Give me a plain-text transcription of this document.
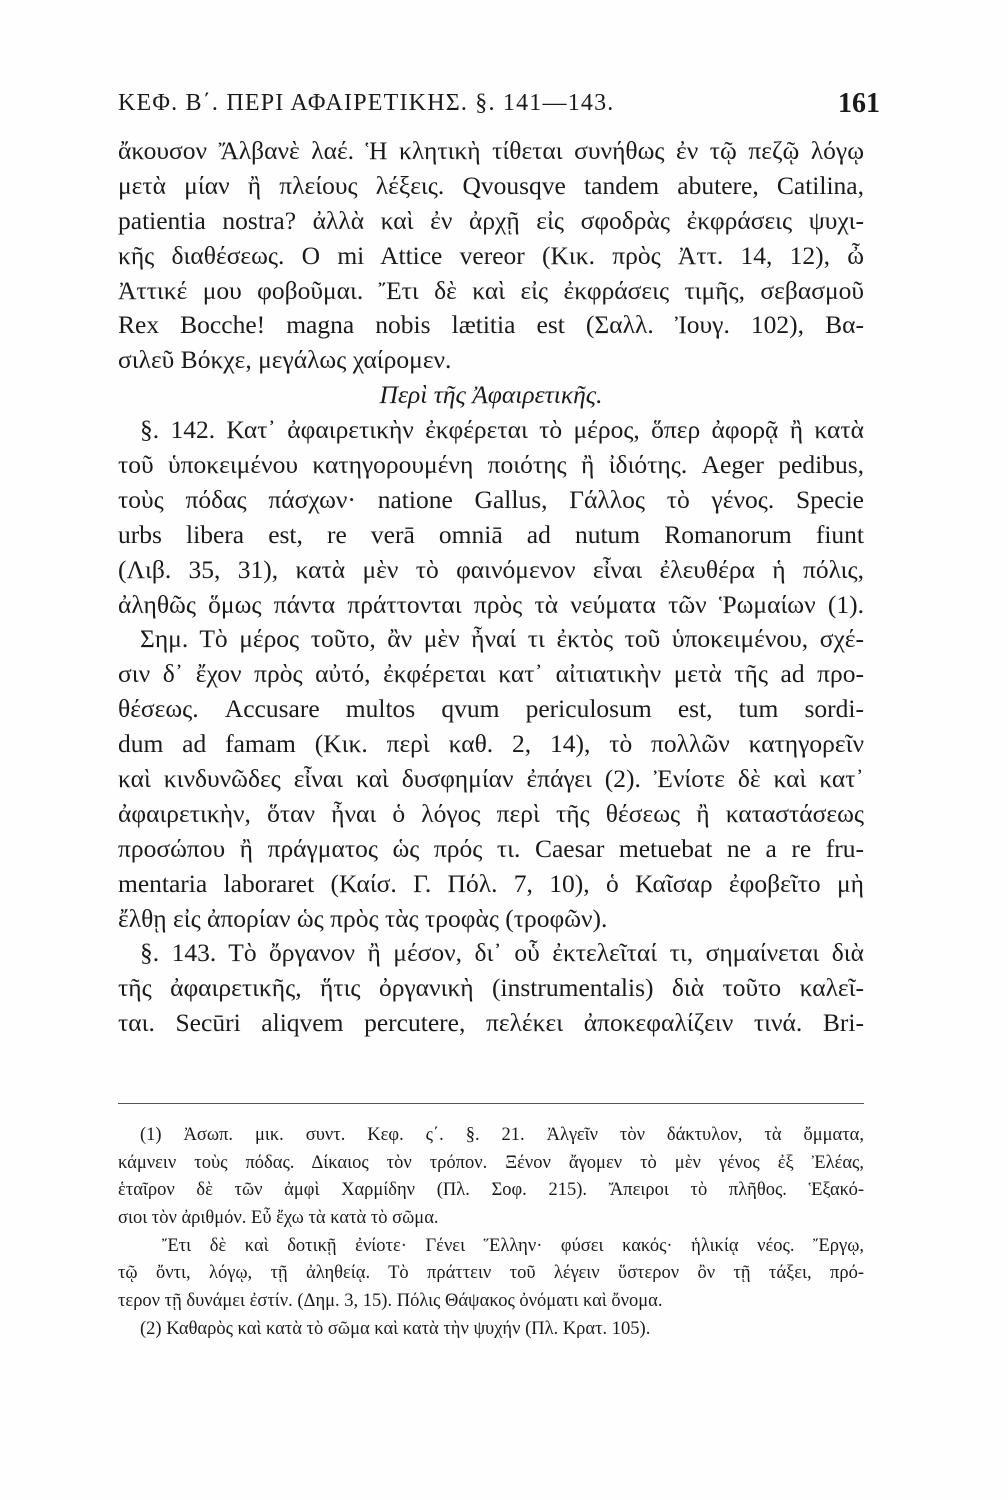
ΚΕΦ. Β΄. ΠΕΡΙ ΑΦΑΙΡΕΤΙΚΗΣ. §. 141—143.	161
ἄκουσον Ἄλβανὲ λαέ. Ἡ κλητικὴ τίθεται συνήθως ἐν τῷ πεζῷ λόγῳ
μετὰ μίαν ἢ πλείους λέξεις. Qvousqve tandem abutere, Catilina,
patientia nostra? ἀλλὰ καὶ ἐν ἀρχῇ εἰς σφοδρὰς ἐκφράσεις ψυχι-
κῆς διαθέσεως. O mi Attice vereor (Κικ. πρὸς Ἀττ. 14, 12), ὦ
Ἀττικέ μου φοβοῦμαι. Ἔτι δὲ καὶ εἰς ἐκφράσεις τιμῆς, σεβασμοῦ
Rex Bocche! magna nobis lætitia est (Σαλλ. Ἰουγ. 102), Βα-
σιλεῦ Βόκχε, μεγάλως χαίρομεν.
Περὶ τῆς Ἀφαιρετικῆς.
§. 142. Κατ᾽ ἀφαιρετικὴν ἐκφέρεται τὸ μέρος, ὅπερ ἀφορᾷ ἢ κατὰ
τοῦ ὑποκειμένου κατηγορουμένη ποιότης ἢ ἰδιότης. Aeger pedibus,
τοὺς πόδας πάσχων· natione Gallus, Γάλλος τὸ γένος. Specie
urbs libera est, re verā omniā ad nutum Romanorum fiunt
(Λιβ. 35, 31), κατὰ μὲν τὸ φαινόμενον εἶναι ἐλευθέρα ἡ πόλις,
ἀληθῶς ὅμως πάντα πράττονται πρὸς τὰ νεύματα τῶν Ῥωμαίων (1).
Σημ. Τὸ μέρος τοῦτο, ἂν μὲν ἦναί τι ἐκτὸς τοῦ ὑποκειμένου, σχέ-
σιν δ᾽ ἔχον πρὸς αὐτό, ἐκφέρεται κατ᾽ αἰτιατικὴν μετὰ τῆς ad προ-
θέσεως. Accusare multos qvum periculosum est, tum sordi-
dum ad famam (Κικ. περὶ καθ. 2, 14), τὸ πολλῶν κατηγορεῖν
καὶ κινδυνῶδες εἶναι καὶ δυσφημίαν ἐπάγει (2). Ἐνίοτε δὲ καὶ κατ᾽
ἀφαιρετικὴν, ὅταν ἦναι ὁ λόγος περὶ τῆς θέσεως ἢ καταστάσεως
προσώπου ἢ πράγματος ὡς πρός τι. Caesar metuebat ne a re fru-
mentaria laboraret (Καίσ. Γ. Πόλ. 7, 10), ὁ Καῖσαρ ἐφοβεῖτο μὴ
ἔλθῃ εἰς ἀπορίαν ὡς πρὸς τὰς τροφὰς (τροφῶν).
§. 143. Τὸ ὄργανον ἢ μέσον, δι᾽ οὗ ἐκτελεῖταί τι, σημαίνεται διὰ
τῆς ἀφαιρετικῆς, ἥτις ὀργανικὴ (instrumentalis) διὰ τοῦτο καλεῖ-
ται. Secūri aliqvem percutere, πελέκει ἀποκεφαλίζειν τινά. Bri-
(1) Ἀσωπ. μικ. συντ. Κεφ. ς΄. §. 21. Ἀλγεῖν τὸν δάκτυλον, τὰ ὄμματα,
κάμνειν τοὺς πόδας. Δίκαιος τὸν τρόπον. Ξένον ἄγομεν τὸ μὲν γένος ἐξ Ἐλέας,
ἑταῖρον δὲ τῶν ἀμφὶ Χαρμίδην (Πλ. Σοφ. 215). Ἄπειροι τὸ πλῆθος. Ἑξακό-
σιοι τὸν ἀριθμόν. Εὖ ἔχω τὰ κατὰ τὸ σῶμα.
Ἔτι δὲ καὶ δοτικῇ ἐνίοτε· Γένει Ἕλλην· φύσει κακός· ἡλικίᾳ νέος. Ἔργῳ,
τῷ ὄντι, λόγῳ, τῇ ἀληθείᾳ. Τὸ πράττειν τοῦ λέγειν ὕστερον ὂν τῇ τάξει, πρό-
τερον τῇ δυνάμει ἐστίν. (Δημ. 3, 15). Πόλις Θάψακος ὀνόματι καὶ ὄνομα.
(2) Καθαρὸς καὶ κατὰ τὸ σῶμα καὶ κατὰ τὴν ψυχήν (Πλ. Κρατ. 105).
